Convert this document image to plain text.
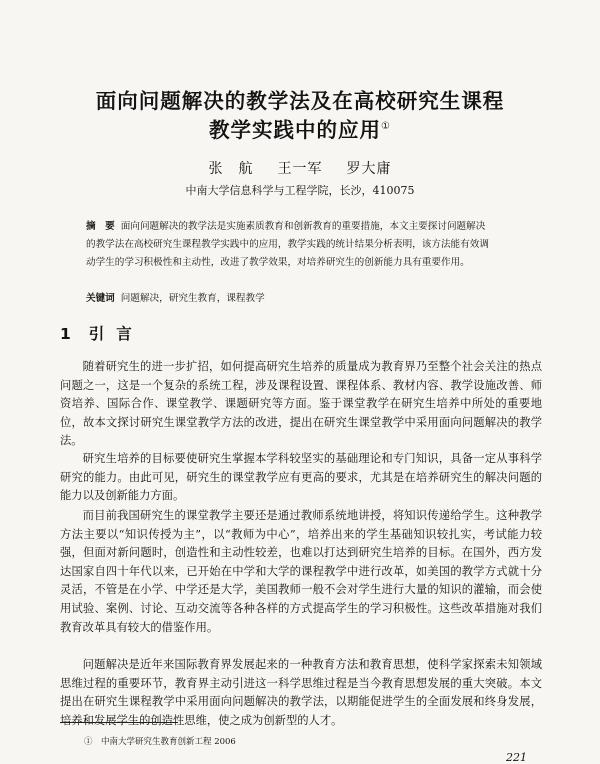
面向问题解决的教学法及在高校研究生课程
教学实践中的应用①
张　航 王一军 罗大庸
中南大学信息科学与工程学院，长沙，410075
摘　要 面向问题解决的教学法是实施素质教育和创新教育的重要措施，本文主要探讨问题解决
的教学法在高校研究生课程教学实践中的应用，教学实践的统计结果分析表明，该方法能有效调
动学生的学习积极性和主动性，改进了教学效果，对培养研究生的创新能力具有重要作用。
关键词 问题解决，研究生教育，课程教学
1 引言
随着研究生的进一步扩招，如何提高研究生培养的质量成为教育界乃至整个社会关注的热点问题之一，这是一个复杂的系统工程，涉及课程设置、课程体系、教材内容、教学设施改善、师资培养、国际合作、课堂教学、课题研究等方面。鉴于课堂教学在研究生培养中所处的重要地位，故本文探讨研究生课堂教学方法的改进，提出在研究生课堂教学中采用面向问题解决的教学法。
研究生培养的目标要使研究生掌握本学科较坚实的基础理论和专门知识，具备一定从事科学研究的能力。由此可见，研究生的课堂教学应有更高的要求，尤其是在培养研究生的解决问题的能力以及创新能力方面。
而目前我国研究生的课堂教学主要还是通过教师系统地讲授，将知识传递给学生。这种教学方法主要以“知识传授为主”，以“教师为中心”，培养出来的学生基础知识较扎实，考试能力较强，但面对新问题时，创造性和主动性较差，也难以打达到研究生培养的目标。在国外，西方发达国家自四十年代以来，已开始在中学和大学的课程教学中进行改革，如美国的教学方式就十分灵活，不管是在小学、中学还是大学，美国教师一般不会对学生进行大量的知识的灌输，而会使用试验、案例、讨论、互动交流等各种各样的方式提高学生的学习积极性。这些改革措施对我们教育改革具有较大的借鉴作用。
问题解决是近年来国际教育界发展起来的一种教育方法和教育思想，使科学家探索未知领域思维过程的重要环节，教育界主动引进这一科学思维过程是当今教育思想发展的重大突破。本文提出在研究生课程教学中采用面向问题解决的教学法，以期能促进学生的全面发展和终身发展，培养和发展学生的创造性思维，使之成为创新型的人才。
①　中南大学研究生教育创新工程 2006
221
